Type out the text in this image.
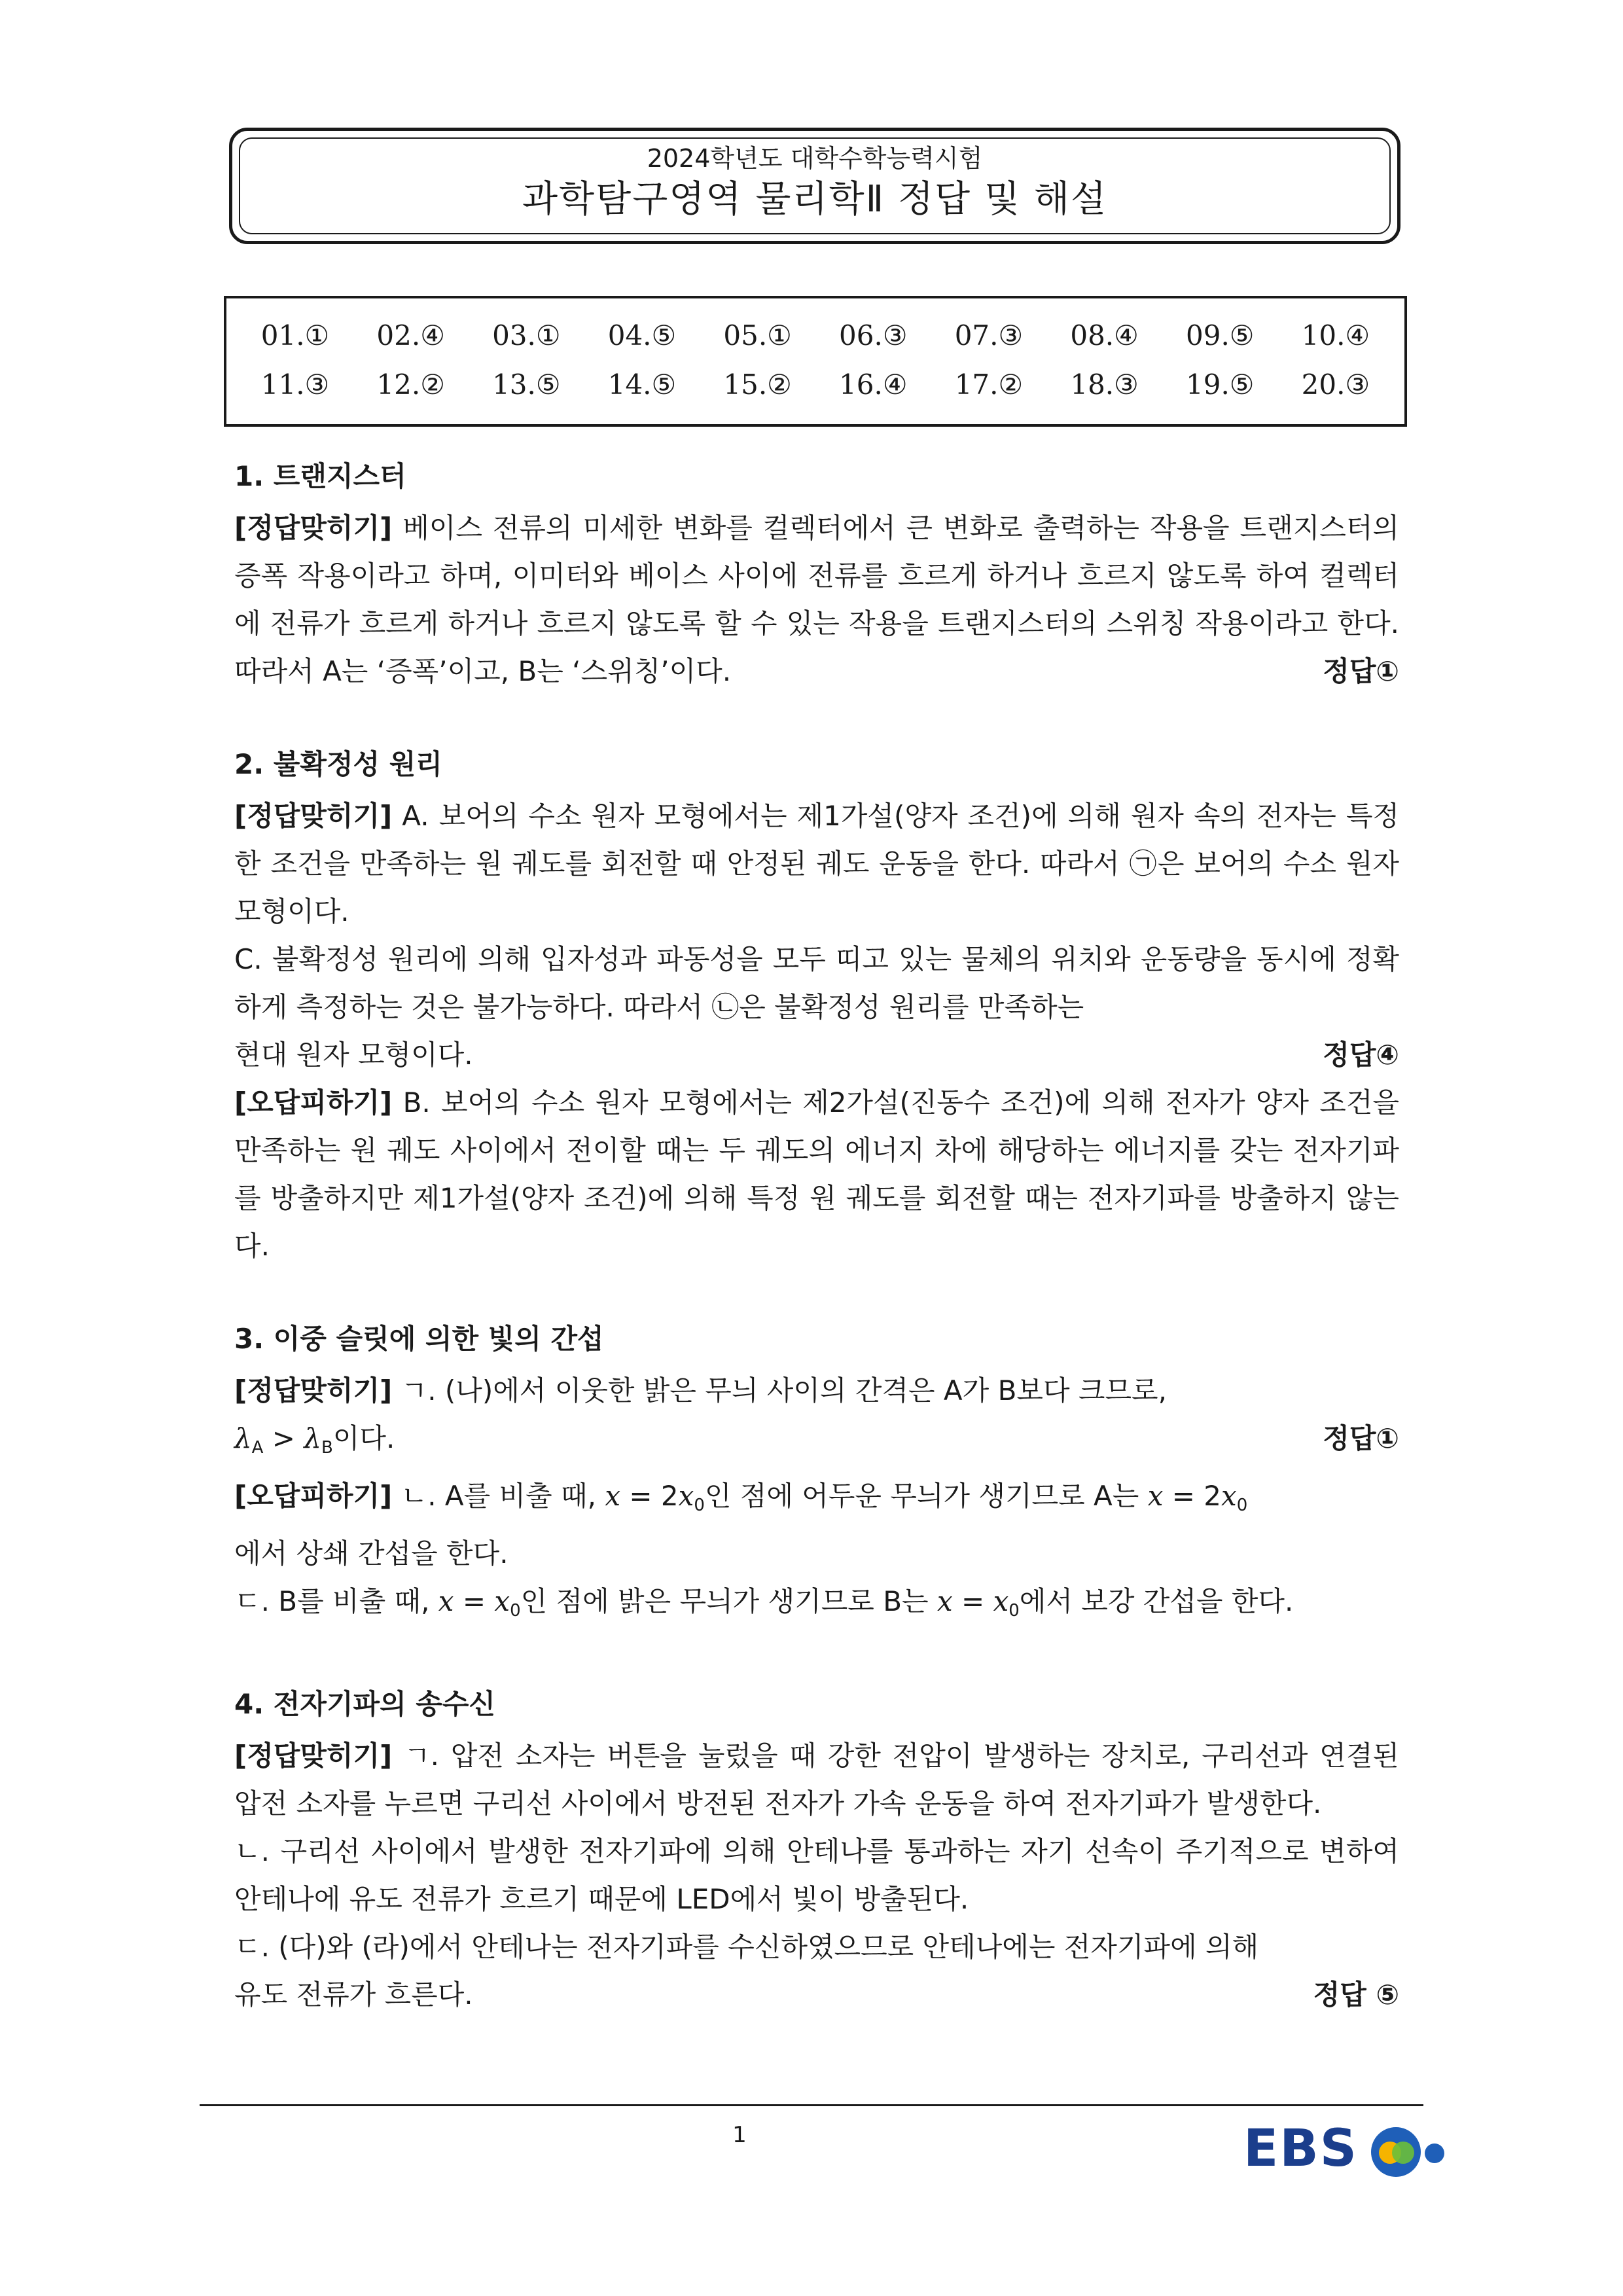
2024학년도 대학수학능력시험
과학탐구영역 물리학Ⅱ 정답 및 해설
01.①	02.④	03.①	04.⑤	05.①	06.③	07.③	08.④	09.⑤	10.④
11.③	12.②	13.⑤	14.⑤	15.②	16.④	17.②	18.③	19.⑤	20.③
1. 트랜지스터

[정답맞히기] 베이스 전류의 미세한 변화를 컬렉터에서 큰 변화로 출력하는 작용을 트랜지스터의 증폭 작용이라고 하며, 이미터와 베이스 사이에 전류를 흐르게 하거나 흐르지 않도록 하여 컬렉터에 전류가 흐르게 하거나 흐르지 않도록 할 수 있는 작용을 트랜지스터의 스위칭 작용이라고 한다. 따라서 A는 ‘증폭’이고, B는 ‘스위칭’이다.	정답①
2. 불확정성 원리

[정답맞히기] A. 보어의 수소 원자 모형에서는 제1가설(양자 조건)에 의해 원자 속의 전자는 특정한 조건을 만족하는 원 궤도를 회전할 때 안정된 궤도 운동을 한다. 따라서 ㉠은 보어의 수소 원자 모형이다.

C. 불확정성 원리에 의해 입자성과 파동성을 모두 띠고 있는 물체의 위치와 운동량을 동시에 정확하게 측정하는 것은 불가능하다. 따라서 ㉡은 불확정성 원리를 만족하는

현대 원자 모형이다.	정답④

[오답피하기] B. 보어의 수소 원자 모형에서는 제2가설(진동수 조건)에 의해 전자가 양자 조건을 만족하는 원 궤도 사이에서 전이할 때는 두 궤도의 에너지 차에 해당하는 에너지를 갖는 전자기파를 방출하지만 제1가설(양자 조건)에 의해 특정 원 궤도를 회전할 때는 전자기파를 방출하지 않는다.

3. 이중 슬릿에 의한 빛의 간섭

[정답맞히기] ㄱ. (나)에서 이웃한 밝은 무늬 사이의 간격은 A가 B보다 크므로,

$\lambda_A > \lambda_B$이다.	정답①

[오답피하기] ㄴ. A를 비출 때, $x = 2x_0$인 점에 어두운 무늬가 생기므로 A는 $x = 2x_0$

에서 상쇄 간섭을 한다.

ㄷ. B를 비출 때, $x = x_0$인 점에 밝은 무늬가 생기므로 B는 $x = x_0$에서 보강 간섭을 한다.

4. 전자기파의 송수신

[정답맞히기] ㄱ. 압전 소자는 버튼을 눌렀을 때 강한 전압이 발생하는 장치로, 구리선과 연결된 압전 소자를 누르면 구리선 사이에서 방전된 전자가 가속 운동을 하여 전자기파가 발생한다.

ㄴ. 구리선 사이에서 발생한 전자기파에 의해 안테나를 통과하는 자기 선속이 주기적으로 변하여 안테나에 유도 전류가 흐르기 때문에 LED에서 빛이 방출된다.

ㄷ. (다)와 (라)에서 안테나는 전자기파를 수신하였으므로 안테나에는 전자기파에 의해

유도 전류가 흐른다.	정답 ⑤
1	EBS
